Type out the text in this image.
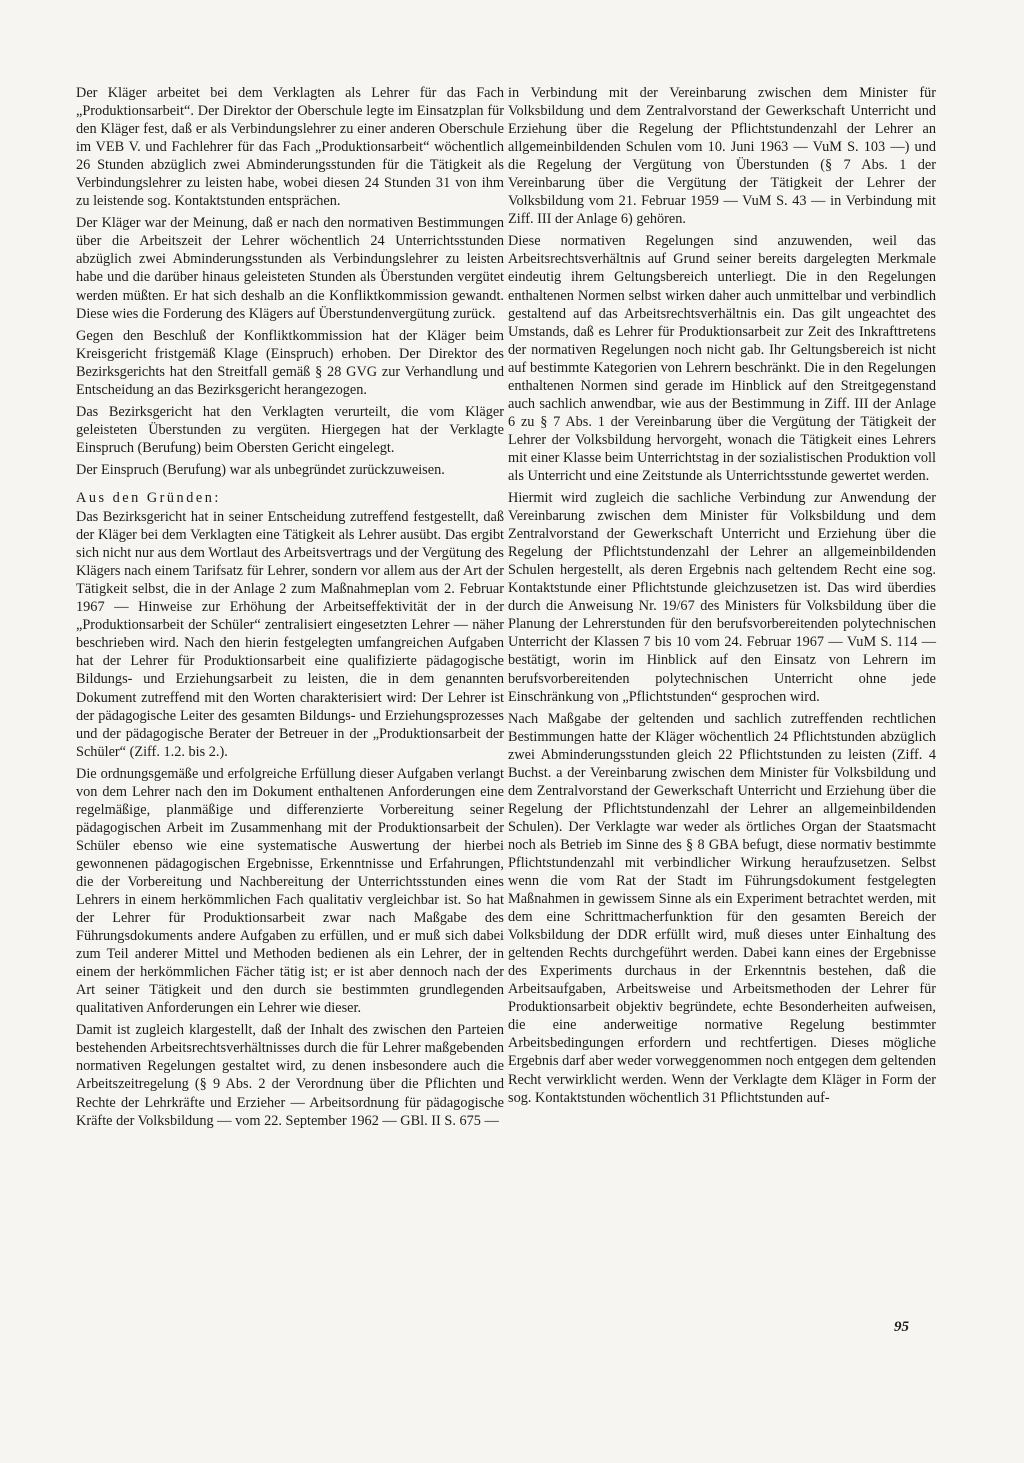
Der Kläger arbeitet bei dem Verklagten als Lehrer für das Fach „Produktionsarbeit“. Der Direktor der Oberschule legte im Einsatzplan für den Kläger fest, daß er als Verbindungslehrer zu einer anderen Oberschule im VEB V. und Fachlehrer für das Fach „Produktionsarbeit“ wöchentlich 26 Stunden abzüglich zwei Abminderungsstunden für die Tätigkeit als Verbindungslehrer zu leisten habe, wobei diesen 24 Stunden 31 von ihm zu leistende sog. Kontaktstunden entsprächen.

Der Kläger war der Meinung, daß er nach den normativen Bestimmungen über die Arbeitszeit der Lehrer wöchentlich 24 Unterrichtsstunden abzüglich zwei Abminderungsstunden als Verbindungslehrer zu leisten habe und die darüber hinaus geleisteten Stunden als Überstunden vergütet werden müßten. Er hat sich deshalb an die Konfliktkommission gewandt. Diese wies die Forderung des Klägers auf Überstundenvergütung zurück.

Gegen den Beschluß der Konfliktkommission hat der Kläger beim Kreisgericht fristgemäß Klage (Einspruch) erhoben. Der Direktor des Bezirksgerichts hat den Streitfall gemäß § 28 GVG zur Verhandlung und Entscheidung an das Bezirksgericht herangezogen.

Das Bezirksgericht hat den Verklagten verurteilt, die vom Kläger geleisteten Überstunden zu vergüten. Hiergegen hat der Verklagte Einspruch (Berufung) beim Obersten Gericht eingelegt.

Der Einspruch (Berufung) war als unbegründet zurückzuweisen.

Aus den Gründen:

Das Bezirksgericht hat in seiner Entscheidung zutreffend festgestellt, daß der Kläger bei dem Verklagten eine Tätigkeit als Lehrer ausübt. Das ergibt sich nicht nur aus dem Wortlaut des Arbeitsvertrags und der Vergütung des Klägers nach einem Tarifsatz für Lehrer, sondern vor allem aus der Art der Tätigkeit selbst, die in der Anlage 2 zum Maßnahmeplan vom 2. Februar 1967 — Hinweise zur Erhöhung der Arbeitseffektivität der in der „Produktionsarbeit der Schüler“ zentralisiert eingesetzten Lehrer — näher beschrieben wird. Nach den hierin festgelegten umfangreichen Aufgaben hat der Lehrer für Produktionsarbeit eine qualifizierte pädagogische Bildungs- und Erziehungsarbeit zu leisten, die in dem genannten Dokument zutreffend mit den Worten charakterisiert wird: Der Lehrer ist der pädagogische Leiter des gesamten Bildungs- und Erziehungsprozesses und der pädagogische Berater der Betreuer in der „Produktionsarbeit der Schüler“ (Ziff. 1.2. bis 2.).

Die ordnungsgemäße und erfolgreiche Erfüllung dieser Aufgaben verlangt von dem Lehrer nach den im Dokument enthaltenen Anforderungen eine regelmäßige, planmäßige und differenzierte Vorbereitung seiner pädagogischen Arbeit im Zusammenhang mit der Produktionsarbeit der Schüler ebenso wie eine systematische Auswertung der hierbei gewonnenen pädagogischen Ergebnisse, Erkenntnisse und Erfahrungen, die der Vorbereitung und Nachbereitung der Unterrichtsstunden eines Lehrers in einem herkömmlichen Fach qualitativ vergleichbar ist. So hat der Lehrer für Produktionsarbeit zwar nach Maßgabe des Führungsdokuments andere Aufgaben zu erfüllen, und er muß sich dabei zum Teil anderer Mittel und Methoden bedienen als ein Lehrer, der in einem der herkömmlichen Fächer tätig ist; er ist aber dennoch nach der Art seiner Tätigkeit und den durch sie bestimmten grundlegenden qualitativen Anforderungen ein Lehrer wie dieser.

Damit ist zugleich klargestellt, daß der Inhalt des zwischen den Parteien bestehenden Arbeitsrechtsverhältnisses durch die für Lehrer maßgebenden normativen Regelungen gestaltet wird, zu denen insbesondere auch die Arbeitszeitregelung (§ 9 Abs. 2 der Verordnung über die Pflichten und Rechte der Lehrkräfte und Erzieher — Arbeitsordnung für pädagogische Kräfte der Volksbildung — vom 22. September 1962 — GBl. II S. 675 —

in Verbindung mit der Vereinbarung zwischen dem Minister für Volksbildung und dem Zentralvorstand der Gewerkschaft Unterricht und Erziehung über die Regelung der Pflichtstundenzahl der Lehrer an allgemeinbildenden Schulen vom 10. Juni 1963 — VuM S. 103 —) und die Regelung der Vergütung von Überstunden (§ 7 Abs. 1 der Vereinbarung über die Vergütung der Tätigkeit der Lehrer der Volksbildung vom 21. Februar 1959 — VuM S. 43 — in Verbindung mit Ziff. III der Anlage 6) gehören.

Diese normativen Regelungen sind anzuwenden, weil das Arbeitsrechtsverhältnis auf Grund seiner bereits dargelegten Merkmale eindeutig ihrem Geltungsbereich unterliegt. Die in den Regelungen enthaltenen Normen selbst wirken daher auch unmittelbar und verbindlich gestaltend auf das Arbeitsrechtsverhältnis ein. Das gilt ungeachtet des Umstands, daß es Lehrer für Produktionsarbeit zur Zeit des Inkrafttretens der normativen Regelungen noch nicht gab. Ihr Geltungsbereich ist nicht auf bestimmte Kategorien von Lehrern beschränkt. Die in den Regelungen enthaltenen Normen sind gerade im Hinblick auf den Streitgegenstand auch sachlich anwendbar, wie aus der Bestimmung in Ziff. III der Anlage 6 zu § 7 Abs. 1 der Vereinbarung über die Vergütung der Tätigkeit der Lehrer der Volksbildung hervorgeht, wonach die Tätigkeit eines Lehrers mit einer Klasse beim Unterrichtstag in der sozialistischen Produktion voll als Unterricht und eine Zeitstunde als Unterrichtsstunde gewertet werden.

Hiermit wird zugleich die sachliche Verbindung zur Anwendung der Vereinbarung zwischen dem Minister für Volksbildung und dem Zentralvorstand der Gewerkschaft Unterricht und Erziehung über die Regelung der Pflichtstundenzahl der Lehrer an allgemeinbildenden Schulen hergestellt, als deren Ergebnis nach geltendem Recht eine sog. Kontaktstunde einer Pflichtstunde gleichzusetzen ist. Das wird überdies durch die Anweisung Nr. 19/67 des Ministers für Volksbildung über die Planung der Lehrerstunden für den berufsvorbereitenden polytechnischen Unterricht der Klassen 7 bis 10 vom 24. Februar 1967 — VuM S. 114 — bestätigt, worin im Hinblick auf den Einsatz von Lehrern im berufsvorbereitenden polytechnischen Unterricht ohne jede Einschränkung von „Pflichtstunden“ gesprochen wird.

Nach Maßgabe der geltenden und sachlich zutreffenden rechtlichen Bestimmungen hatte der Kläger wöchentlich 24 Pflichtstunden abzüglich zwei Abminderungsstunden gleich 22 Pflichtstunden zu leisten (Ziff. 4 Buchst. a der Vereinbarung zwischen dem Minister für Volksbildung und dem Zentralvorstand der Gewerkschaft Unterricht und Erziehung über die Regelung der Pflichtstundenzahl der Lehrer an allgemeinbildenden Schulen). Der Verklagte war weder als örtliches Organ der Staatsmacht noch als Betrieb im Sinne des § 8 GBA befugt, diese normativ bestimmte Pflichtstundenzahl mit verbindlicher Wirkung heraufzusetzen. Selbst wenn die vom Rat der Stadt im Führungsdokument festgelegten Maßnahmen in gewissem Sinne als ein Experiment betrachtet werden, mit dem eine Schrittmacherfunktion für den gesamten Bereich der Volksbildung der DDR erfüllt wird, muß dieses unter Einhaltung des geltenden Rechts durchgeführt werden. Dabei kann eines der Ergebnisse des Experiments durchaus in der Erkenntnis bestehen, daß die Arbeitsaufgaben, Arbeitsweise und Arbeitsmethoden der Lehrer für Produktionsarbeit objektiv begründete, echte Besonderheiten aufweisen, die eine anderweitige normative Regelung bestimmter Arbeitsbedingungen erfordern und rechtfertigen. Dieses mögliche Ergebnis darf aber weder vorweggenommen noch entgegen dem geltenden Recht verwirklicht werden. Wenn der Verklagte dem Kläger in Form der sog. Kontaktstunden wöchentlich 31 Pflichtstunden auf-

95
